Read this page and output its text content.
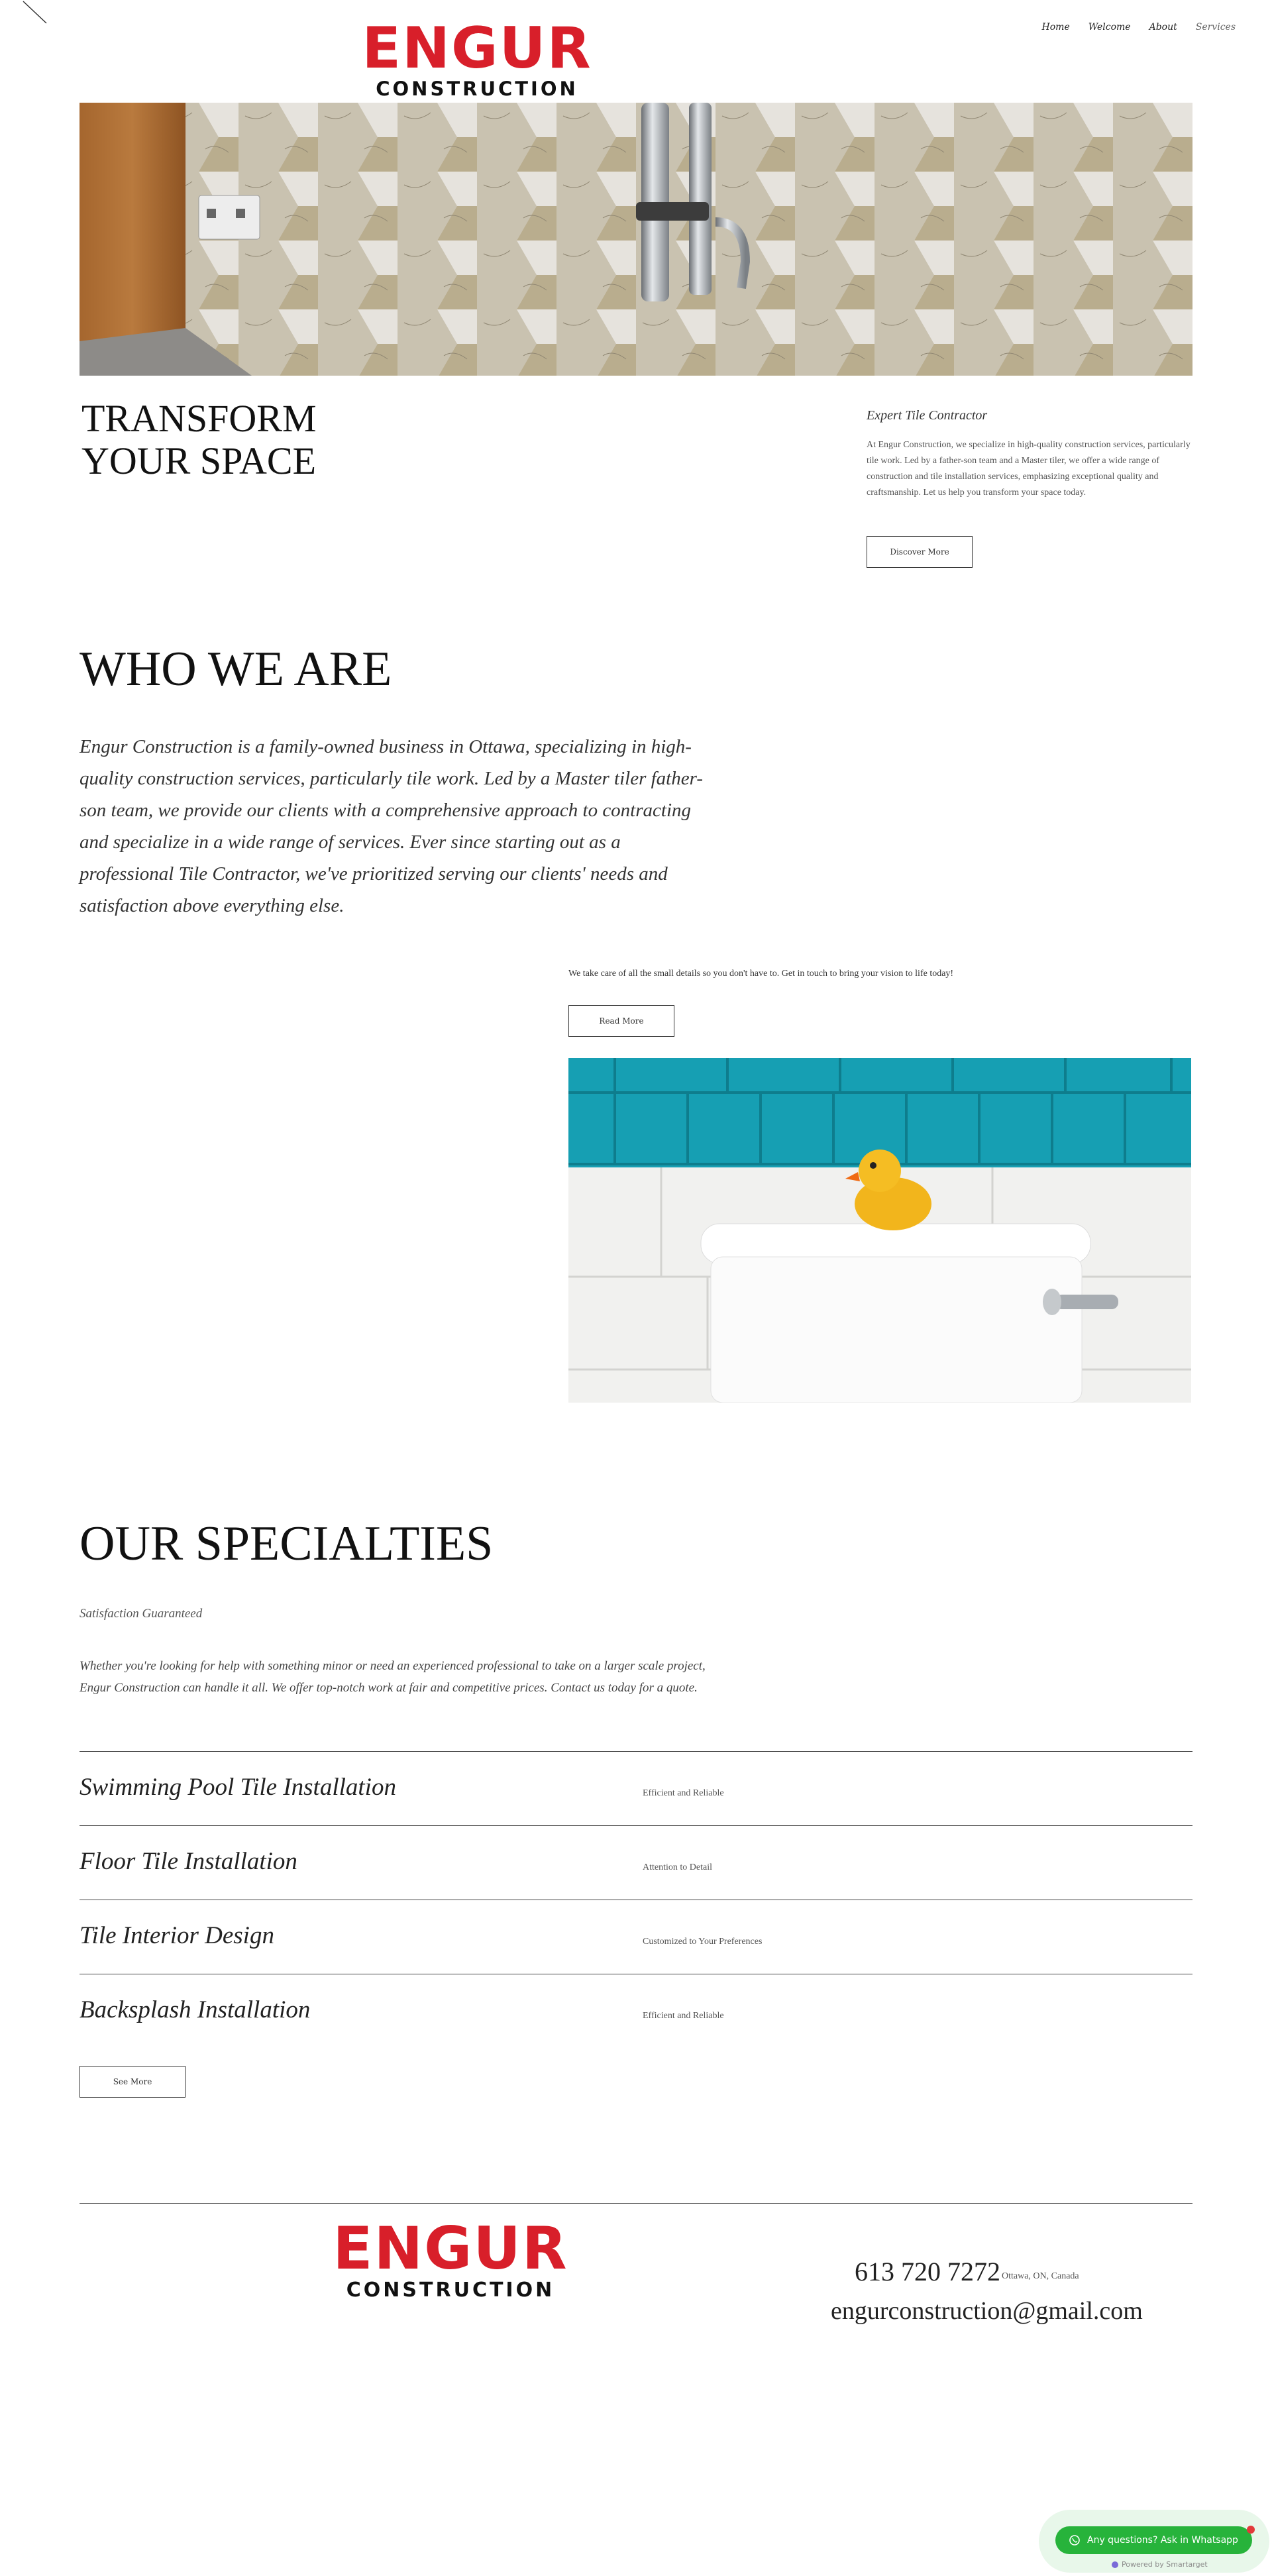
ENGUR
CONSTRUCTION
Home Welcome About Services
TRANSFORM
YOUR SPACE
Expert Tile Contractor

At Engur Construction, we specialize in high-quality construction services, particularly tile work. Led by a father-son team and a Master tiler, we offer a wide range of construction and tile installation services, emphasizing exceptional quality and craftsmanship. Let us help you transform your space today.

Discover More
WHO WE ARE

Engur Construction is a family-owned business in Ottawa, specializing in high-quality construction services, particularly tile work. Led by a Master tiler father-son team, we provide our clients with a comprehensive approach to contracting and specialize in a wide range of services. Ever since starting out as a professional Tile Contractor, we've prioritized serving our clients' needs and satisfaction above everything else.

We take care of all the small details so you don't have to. Get in touch to bring your vision to life today!

Read More
OUR SPECIALTIES
Satisfaction Guaranteed

Whether you're looking for help with something minor or need an experienced professional to take on a larger scale project, Engur Construction can handle it all. We offer top-notch work at fair and competitive prices. Contact us today for a quote.

Swimming Pool Tile Installation	Efficient and Reliable
Floor Tile Installation	Attention to Detail
Tile Interior Design	Customized to Your Preferences
Backsplash Installation	Efficient and Reliable
See More
ENGUR
CONSTRUCTION
613 720 7272 Ottawa, ON, Canada
engurconstruction@gmail.com
Any questions? Ask in Whatsapp
Powered by Smartarget
